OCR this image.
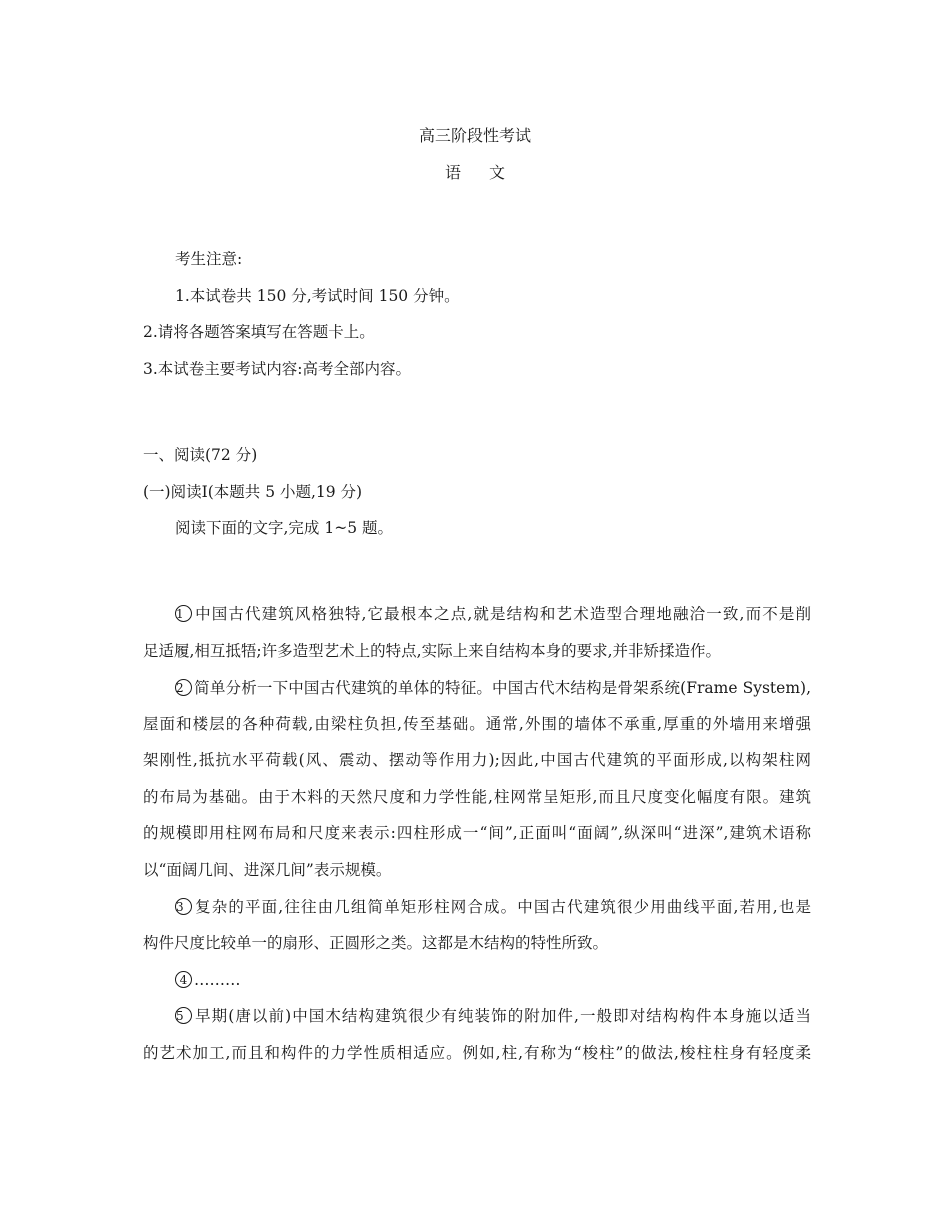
高三阶段性考试
语 文
考生注意:
1.本试卷共 150 分,考试时间 150 分钟。
2.请将各题答案填写在答题卡上。
3.本试卷主要考试内容:高考全部内容。
一、阅读(72 分)
(一)阅读I(本题共 5 小题,19 分)
阅读下面的文字,完成 1~5 题。
1 中国古代建筑风格独特,它最根本之点,就是结构和艺术造型合理地融洽一致,而不是削
足适履,相互抵牾;许多造型艺术上的特点,实际上来自结构本身的要求,并非矫揉造作。
2 简单分析一下中国古代建筑的单体的特征。中国古代木结构是骨架系统(Frame System),
屋面和楼层的各种荷载,由梁柱负担,传至基础。通常,外围的墙体不承重,厚重的外墙用来增强
架刚性,抵抗水平荷载(风、震动、摆动等作用力);因此,中国古代建筑的平面形成,以构架柱网
的布局为基础。由于木料的天然尺度和力学性能,柱网常呈矩形,而且尺度变化幅度有限。建筑
的规模即用柱网布局和尺度来表示:四柱形成一“间”,正面叫“面阔”,纵深叫“进深”,建筑术语称
以“面阔几间、进深几间”表示规模。
3 复杂的平面,往往由几组简单矩形柱网合成。中国古代建筑很少用曲线平面,若用,也是
构件尺度比较单一的扇形、正圆形之类。这都是木结构的特性所致。
4 ………
5 早期(唐以前)中国木结构建筑很少有纯装饰的附加件,一般即对结构构件本身施以适当
的艺术加工,而且和构件的力学性质相适应。例如,柱,有称为“梭柱”的做法,梭柱柱身有轻度柔
